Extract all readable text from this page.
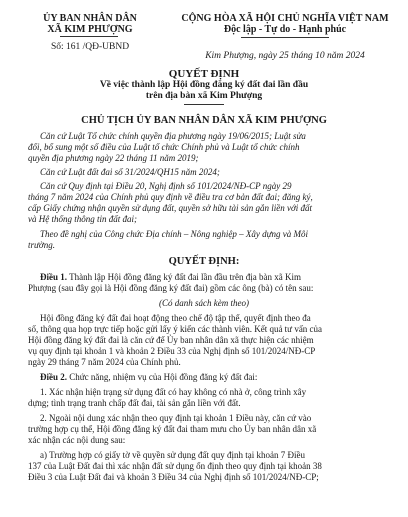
ỦY BAN NHÂN DÂN
XÃ KIM PHƯỢNG
Số: 161 /QĐ-UBND
CỘNG HÒA XÃ HỘI CHỦ NGHĨA VIỆT NAM
Độc lập - Tự do - Hạnh phúc
Kim Phượng, ngày 25 tháng 10 năm 2024
QUYẾT ĐỊNH
Về việc thành lập Hội đồng đăng ký đất đai lần đầu
trên địa bàn xã Kim Phượng
CHỦ TỊCH ỦY BAN NHÂN DÂN XÃ KIM PHƯỢNG
Căn cứ Luật Tổ chức chính quyền địa phương ngày 19/06/2015; Luật sửa
đổi, bổ sung một số điều của Luật tổ chức Chính phủ và Luật tổ chức chính
quyền địa phương ngày 22 tháng 11 năm 2019;
Căn cứ Luật đất đai số 31/2024/QH15 năm 2024;
Căn cứ Quy định tại Điều 20, Nghị định số 101/2024/NĐ-CP ngày 29
tháng 7 năm 2024 của Chính phủ quy định về điều tra cơ bản đất đai; đăng ký,
cấp Giấy chứng nhận quyền sử dụng đất, quyền sở hữu tài sản gắn liền với đất
và Hệ thống thông tin đất đai;
Theo đề nghị của Công chức Địa chính – Nông nghiệp – Xây dựng và Môi
trường.
QUYẾT ĐỊNH:
Điều 1. Thành lập Hội đồng đăng ký đất đai lần đầu trên địa bàn xã Kim
Phượng (sau đây gọi là Hội đồng đăng ký đất đai) gồm các ông (bà) có tên sau:
(Có danh sách kèm theo)
Hội đồng đăng ký đất đai hoạt động theo chế độ tập thể, quyết định theo đa
số, thông qua họp trực tiếp hoặc gửi lấy ý kiến các thành viên. Kết quả tư vấn của
Hội đồng đăng ký đất đai là căn cứ để Ủy ban nhân dân xã thực hiện các nhiệm
vụ quy định tại khoản 1 và khoản 2 Điều 33 của Nghị định số 101/2024/NĐ-CP
ngày 29 tháng 7 năm 2024 của Chính phủ.
Điều 2. Chức năng, nhiệm vụ của Hội đồng đăng ký đất đai:
1. Xác nhận hiện trạng sử dụng đất có hay không có nhà ở, công trình xây
dựng; tình trạng tranh chấp đất đai, tài sản gắn liền với đất.
2. Ngoài nội dung xác nhận theo quy định tại khoản 1 Điều này, căn cứ vào
trường hợp cụ thể, Hội đồng đăng ký đất đai tham mưu cho Ủy ban nhân dân xã
xác nhận các nội dung sau:
a) Trường hợp có giấy tờ về quyền sử dụng đất quy định tại khoản 7 Điều
137 của Luật Đất đai thì xác nhận đất sử dụng ổn định theo quy định tại khoản 38
Điều 3 của Luật Đất đai và khoản 3 Điều 34 của Nghị định số 101/2024/NĐ-CP;
